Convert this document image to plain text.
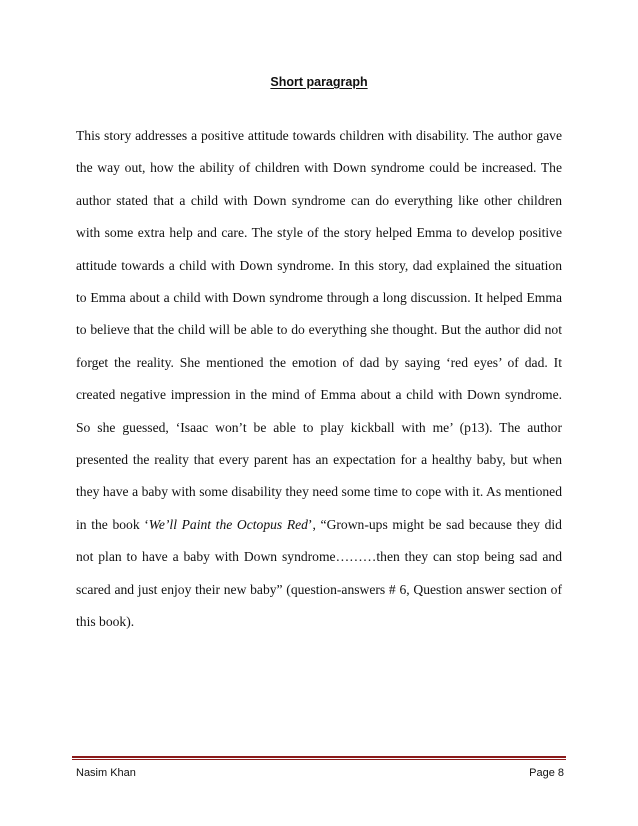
Short paragraph

This story addresses a positive attitude towards children with disability. The author gave the way out, how the ability of children with Down syndrome could be increased. The author stated that a child with Down syndrome can do everything like other children with some extra help and care. The style of the story helped Emma to develop positive attitude towards a child with Down syndrome. In this story, dad explained the situation to Emma about a child with Down syndrome through a long discussion. It helped Emma to believe that the child will be able to do everything she thought. But the author did not forget the reality. She mentioned the emotion of dad by saying ‘red eyes’ of dad. It created negative impression in the mind of Emma about a child with Down syndrome. So she guessed, ‘Isaac won’t be able to play kickball with me’ (p13). The author presented the reality that every parent has an expectation for a healthy baby, but when they have a baby with some disability they need some time to cope with it. As mentioned in the book ‘We’ll Paint the Octopus Red’, “Grown-ups might be sad because they did not plan to have a baby with Down syndrome………then they can stop being sad and scared and just enjoy their new baby” (question-answers # 6, Question answer section of this book).

Nasim Khan	Page 8
